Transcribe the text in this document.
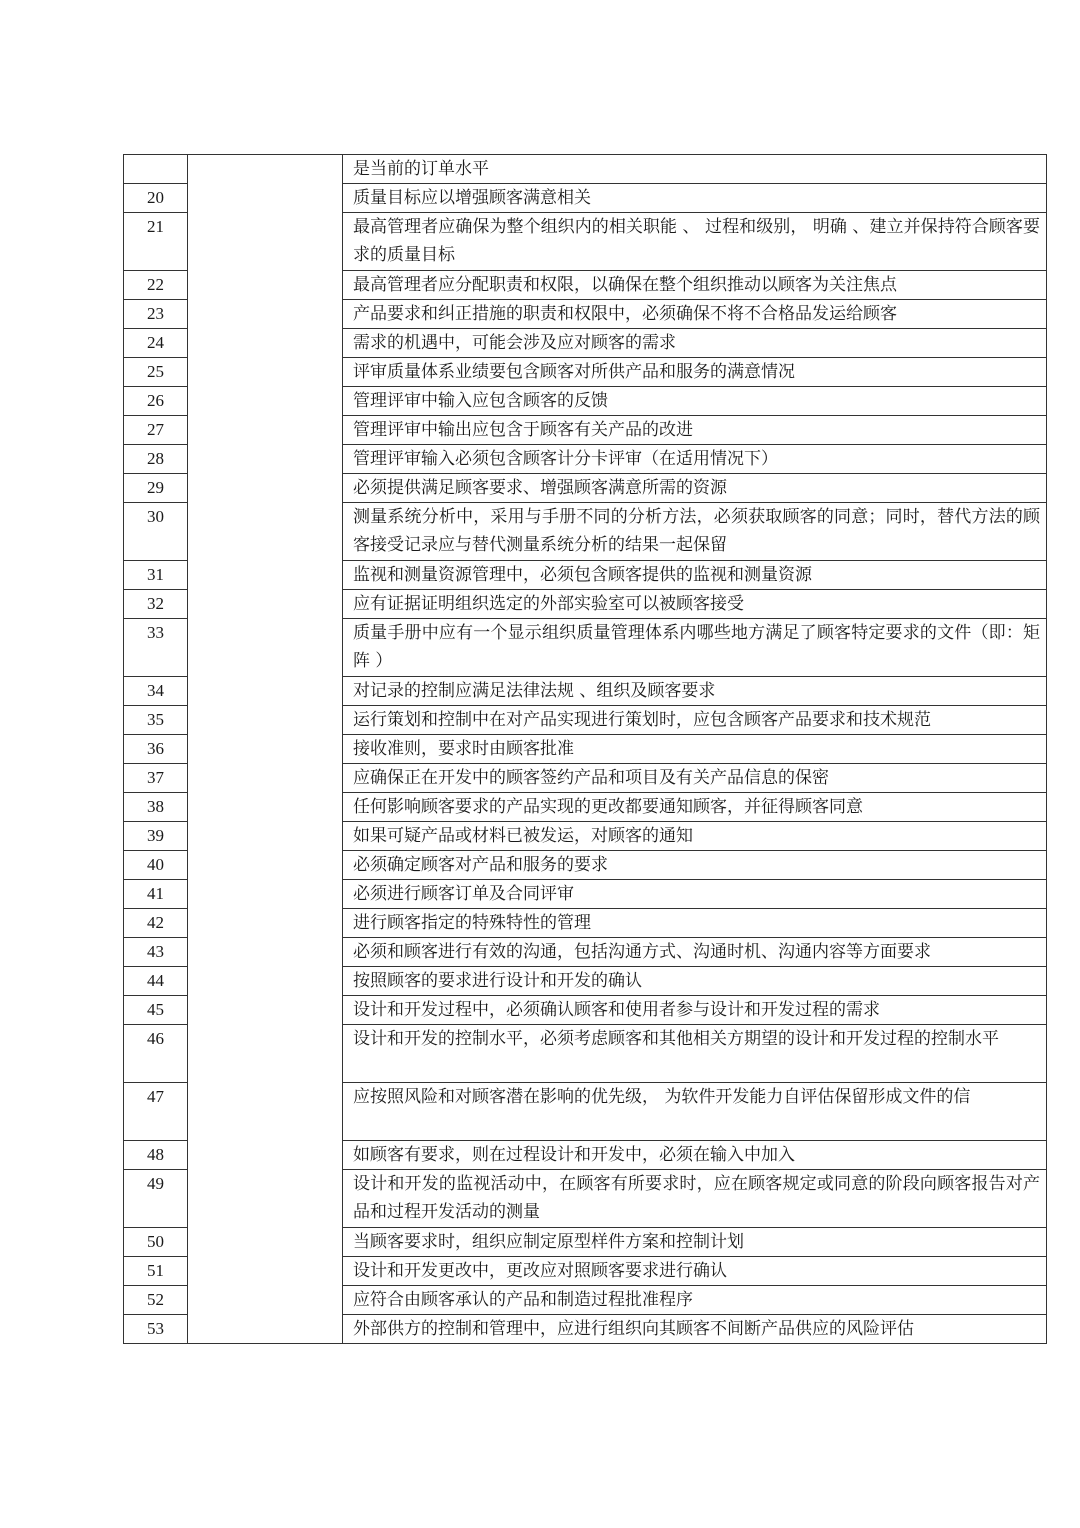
		是当前的订单水平
20		质量目标应以增强顾客满意相关
21		最高管理者应确保为整个组织内的相关职能 、 过程和级别， 明确 、建立并保持符合顾客要求的质量目标
22		最高管理者应分配职责和权限，以确保在整个组织推动以顾客为关注焦点
23		产品要求和纠正措施的职责和权限中，必须确保不将不合格品发运给顾客
24		需求的机遇中，可能会涉及应对顾客的需求
25		评审质量体系业绩要包含顾客对所供产品和服务的满意情况
26		管理评审中输入应包含顾客的反馈
27		管理评审中输出应包含于顾客有关产品的改进
28		管理评审输入必须包含顾客计分卡评审（在适用情况下）
29		必须提供满足顾客要求、增强顾客满意所需的资源
30		测量系统分析中，采用与手册不同的分析方法，必须获取顾客的同意；同时，替代方法的顾客接受记录应与替代测量系统分析的结果一起保留
31		监视和测量资源管理中，必须包含顾客提供的监视和测量资源
32		应有证据证明组织选定的外部实验室可以被顾客接受
33		质量手册中应有一个显示组织质量管理体系内哪些地方满足了顾客特定要求的文件（即：矩阵 ）
34		对记录的控制应满足法律法规 、组织及顾客要求
35		运行策划和控制中在对产品实现进行策划时，应包含顾客产品要求和技术规范
36		接收准则，要求时由顾客批准
37		应确保正在开发中的顾客签约产品和项目及有关产品信息的保密
38		任何影响顾客要求的产品实现的更改都要通知顾客，并征得顾客同意
39		如果可疑产品或材料已被发运，对顾客的通知
40		必须确定顾客对产品和服务的要求
41		必须进行顾客订单及合同评审
42		进行顾客指定的特殊特性的管理
43		必须和顾客进行有效的沟通，包括沟通方式、沟通时机、沟通内容等方面要求
44		按照顾客的要求进行设计和开发的确认
45		设计和开发过程中，必须确认顾客和使用者参与设计和开发过程的需求
46		设计和开发的控制水平，必须考虑顾客和其他相关方期望的设计和开发过程的控制水平
47		应按照风险和对顾客潜在影响的优先级， 为软件开发能力自评估保留形成文件的信
48		如顾客有要求，则在过程设计和开发中，必须在输入中加入
49		设计和开发的监视活动中，在顾客有所要求时，应在顾客规定或同意的阶段向顾客报告对产品和过程开发活动的测量
50		当顾客要求时，组织应制定原型样件方案和控制计划
51		设计和开发更改中，更改应对照顾客要求进行确认
52		应符合由顾客承认的产品和制造过程批准程序
53		外部供方的控制和管理中，应进行组织向其顾客不间断产品供应的风险评估
